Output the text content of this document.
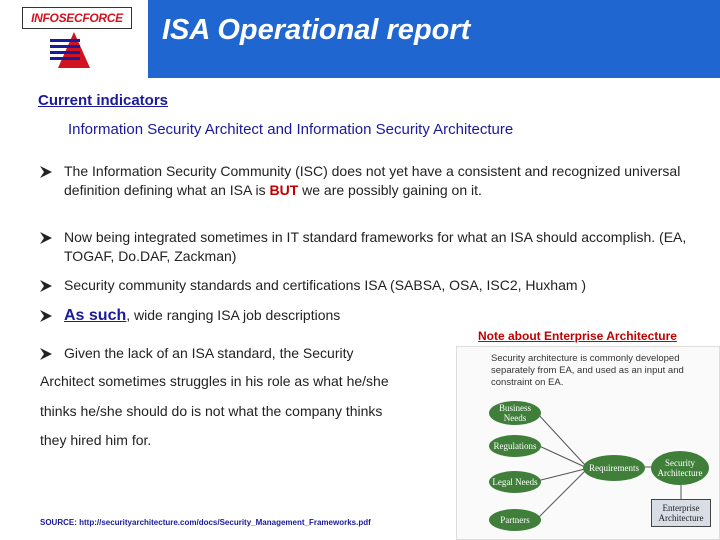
INFOSECFORCE	ISA Operational report
Current indicators
Information Security Architect and Information Security Architecture
The Information Security Community (ISC) does not yet have a consistent and recognized universal definition defining what an ISA is BUT we are possibly gaining on it.
Now being integrated sometimes in IT standard frameworks for what an ISA should accomplish. (EA, TOGAF, Do.DAF, Zackman)
Security community standards and certifications ISA (SABSA, OSA, ISC2, Huxham )
As such, wide ranging ISA job descriptions
Given the lack of an ISA standard, the Security
Architect sometimes struggles in his role as what he/she
thinks he/she should do is not what the company thinks
they hired him for.
SOURCE: http://securityarchitecture.com/docs/Security_Management_Frameworks.pdf
Note about Enterprise Architecture
Security architecture is commonly developed separately from EA, and used as an input and constraint on EA.
Business Needs
Regulations
Legal Needs
Partners
Requirements	Security Architecture
Enterprise Architecture
